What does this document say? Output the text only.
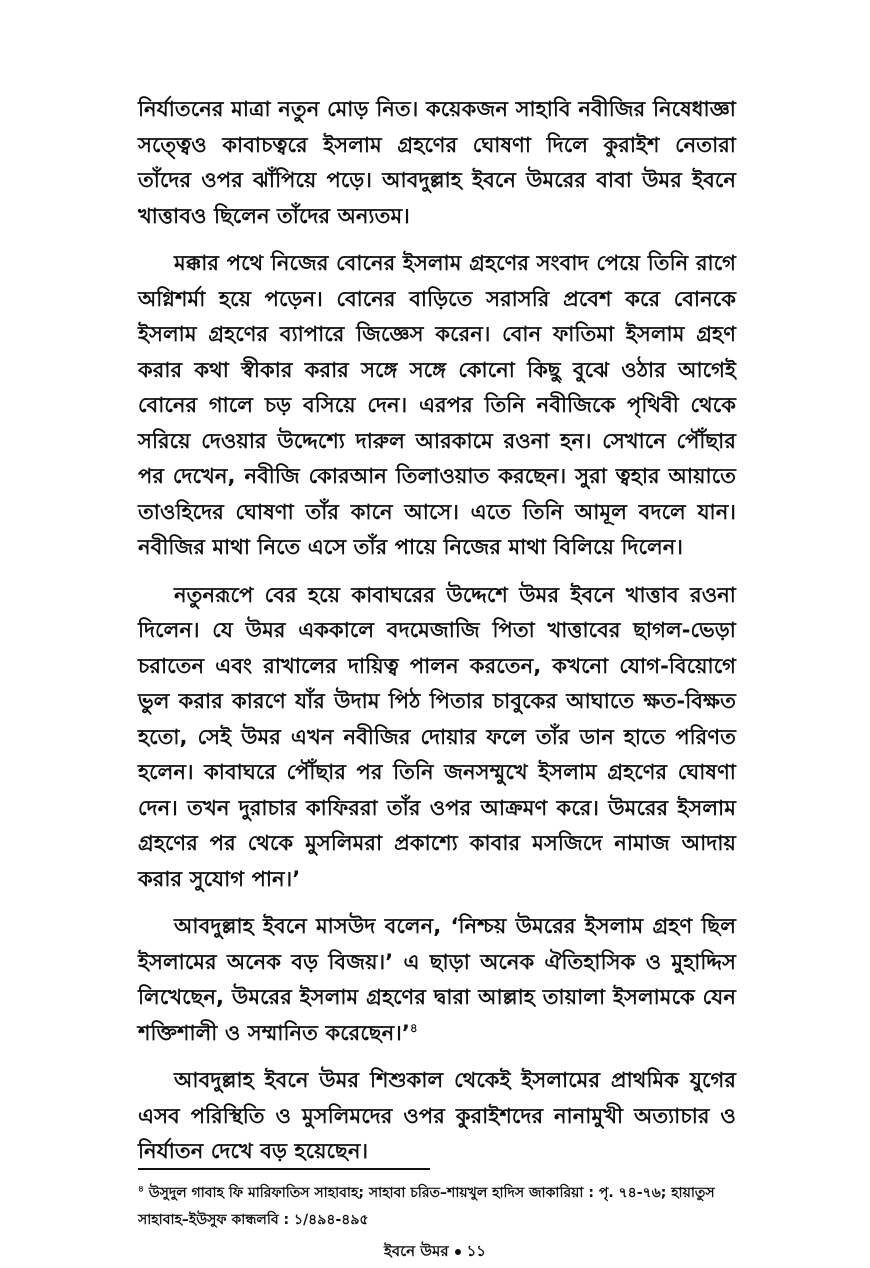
নির্যাতনের মাত্রা নতুন মোড় নিত। কয়েকজন সাহাবি নবীজির নিষেধাজ্ঞা সত্ত্বেও কাবাচত্বরে ইসলাম গ্রহণের ঘোষণা দিলে কুরাইশ নেতারা তাঁদের ওপর ঝাঁপিয়ে পড়ে। আবদুল্লাহ ইবনে উমরের বাবা উমর ইবনে খাত্তাবও ছিলেন তাঁদের অন্যতম।

মক্কার পথে নিজের বোনের ইসলাম গ্রহণের সংবাদ পেয়ে তিনি রাগে অগ্নিশর্মা হয়ে পড়েন। বোনের বাড়িতে সরাসরি প্রবেশ করে বোনকে ইসলাম গ্রহণের ব্যাপারে জিজ্ঞেস করেন। বোন ফাতিমা ইসলাম গ্রহণ করার কথা স্বীকার করার সঙ্গে সঙ্গে কোনো কিছু বুঝে ওঠার আগেই বোনের গালে চড় বসিয়ে দেন। এরপর তিনি নবীজিকে পৃথিবী থেকে সরিয়ে দেওয়ার উদ্দেশ্যে দারুল আরকামে রওনা হন। সেখানে পৌঁছার পর দেখেন, নবীজি কোরআন তিলাওয়াত করছেন। সুরা ত্বহার আয়াতে তাওহিদের ঘোষণা তাঁর কানে আসে। এতে তিনি আমূল বদলে যান। নবীজির মাথা নিতে এসে তাঁর পায়ে নিজের মাথা বিলিয়ে দিলেন।

নতুনরূপে বের হয়ে কাবাঘরের উদ্দেশে উমর ইবনে খাত্তাব রওনা দিলেন। যে উমর এককালে বদমেজাজি পিতা খাত্তাবের ছাগল-ভেড়া চরাতেন এবং রাখালের দায়িত্ব পালন করতেন, কখনো যোগ-বিয়োগে ভুল করার কারণে যাঁর উদাম পিঠ পিতার চাবুকের আঘাতে ক্ষত-বিক্ষত হতো, সেই উমর এখন নবীজির দোয়ার ফলে তাঁর ডান হাতে পরিণত হলেন। কাবাঘরে পৌঁছার পর তিনি জনসম্মুখে ইসলাম গ্রহণের ঘোষণা দেন। তখন দুরাচার কাফিররা তাঁর ওপর আক্রমণ করে। উমরের ইসলাম গ্রহণের পর থেকে মুসলিমরা প্রকাশ্যে কাবার মসজিদে নামাজ আদায় করার সুযোগ পান।’

আবদুল্লাহ ইবনে মাসউদ বলেন, ‘নিশ্চয় উমরের ইসলাম গ্রহণ ছিল ইসলামের অনেক বড় বিজয়।’ এ ছাড়া অনেক ঐতিহাসিক ও মুহাদ্দিস লিখেছেন, উমরের ইসলাম গ্রহণের দ্বারা আল্লাহ তায়ালা ইসলামকে যেন শক্তিশালী ও সম্মানিত করেছেন।’$^৪$

আবদুল্লাহ ইবনে উমর শিশুকাল থেকেই ইসলামের প্রাথমিক যুগের এসব পরিস্থিতি ও মুসলিমদের ওপর কুরাইশদের নানামুখী অত্যাচার ও নির্যাতন দেখে বড় হয়েছেন।

$^৪$ উসুদুল গাবাহ ফি মারিফাতিস সাহাবাহ; সাহাবা চরিত–শায়খুল হাদিস জাকারিয়া : পৃ. ৭৪-৭৬; হায়াতুস সাহাবাহ–ইউসুফ কান্ধলবি : ১/৪৯৪-৪৯৫
ইবনে উমর ১১
